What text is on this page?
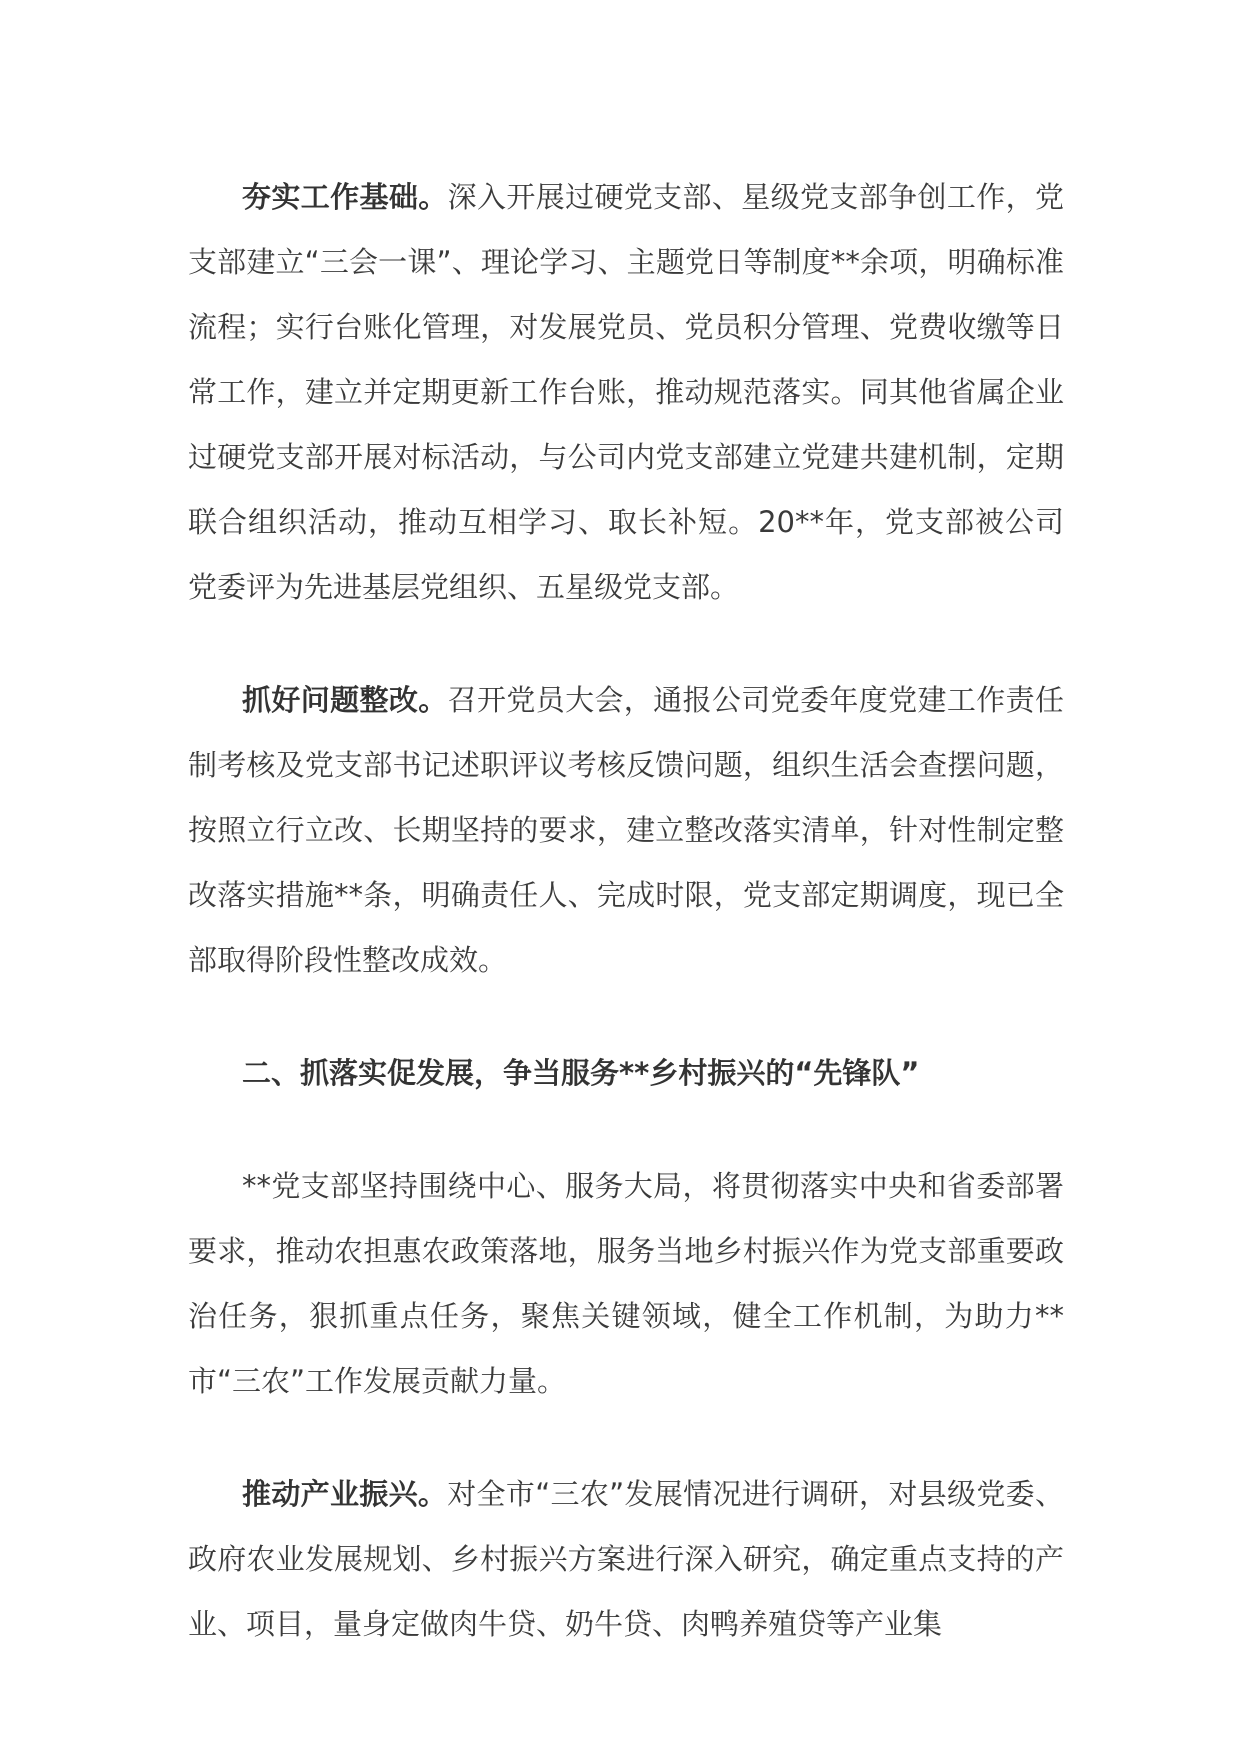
夯实工作基础。深入开展过硬党支部、星级党支部争创工作，党支部建立“三会一课”、理论学习、主题党日等制度**余项，明确标准流程；实行台账化管理，对发展党员、党员积分管理、党费收缴等日常工作，建立并定期更新工作台账，推动规范落实。同其他省属企业过硬党支部开展对标活动，与公司内党支部建立党建共建机制，定期联合组织活动，推动互相学习、取长补短。20**年，党支部被公司党委评为先进基层党组织、五星级党支部。

抓好问题整改。召开党员大会，通报公司党委年度党建工作责任制考核及党支部书记述职评议考核反馈问题，组织生活会查摆问题，按照立行立改、长期坚持的要求，建立整改落实清单，针对性制定整改落实措施**条，明确责任人、完成时限，党支部定期调度，现已全部取得阶段性整改成效。

二、抓落实促发展，争当服务**乡村振兴的“先锋队”

**党支部坚持围绕中心、服务大局，将贯彻落实中央和省委部署要求，推动农担惠农政策落地，服务当地乡村振兴作为党支部重要政治任务，狠抓重点任务，聚焦关键领域，健全工作机制，为助力**市“三农”工作发展贡献力量。

推动产业振兴。对全市“三农”发展情况进行调研，对县级党委、政府农业发展规划、乡村振兴方案进行深入研究，确定重点支持的产业、项目，量身定做肉牛贷、奶牛贷、肉鸭养殖贷等产业集
